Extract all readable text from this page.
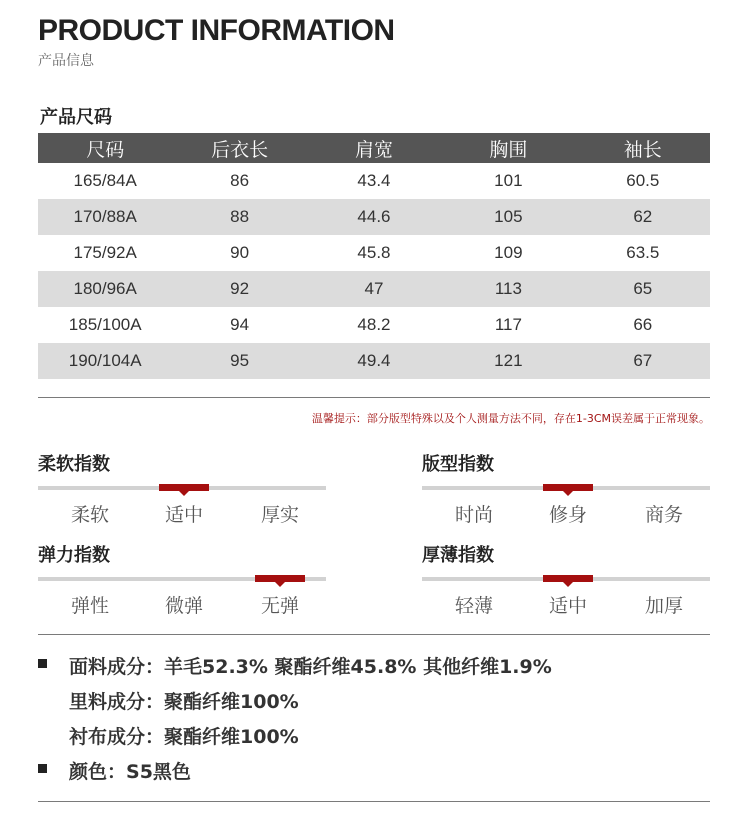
PRODUCT INFORMATION
产品信息
产品尺码
尺码	后衣长	肩宽	胸围	袖长
165/84A	86	43.4	101	60.5
170/88A	88	44.6	105	62
175/92A	90	45.8	109	63.5
180/96A	92	47	113	65
185/100A	94	48.2	117	66
190/104A	95	49.4	121	67
温馨提示：部分版型特殊以及个人测量方法不同，存在1-3CM误差属于正常现象。
柔软指数
柔软	适中	厚实
版型指数
时尚	修身	商务
弹力指数
弹性	微弹	无弹
厚薄指数
轻薄	适中	加厚
面料成分：羊毛52.3% 聚酯纤维45.8% 其他纤维1.9%
里料成分：聚酯纤维100%
衬布成分：聚酯纤维100%
颜色：S5黑色
